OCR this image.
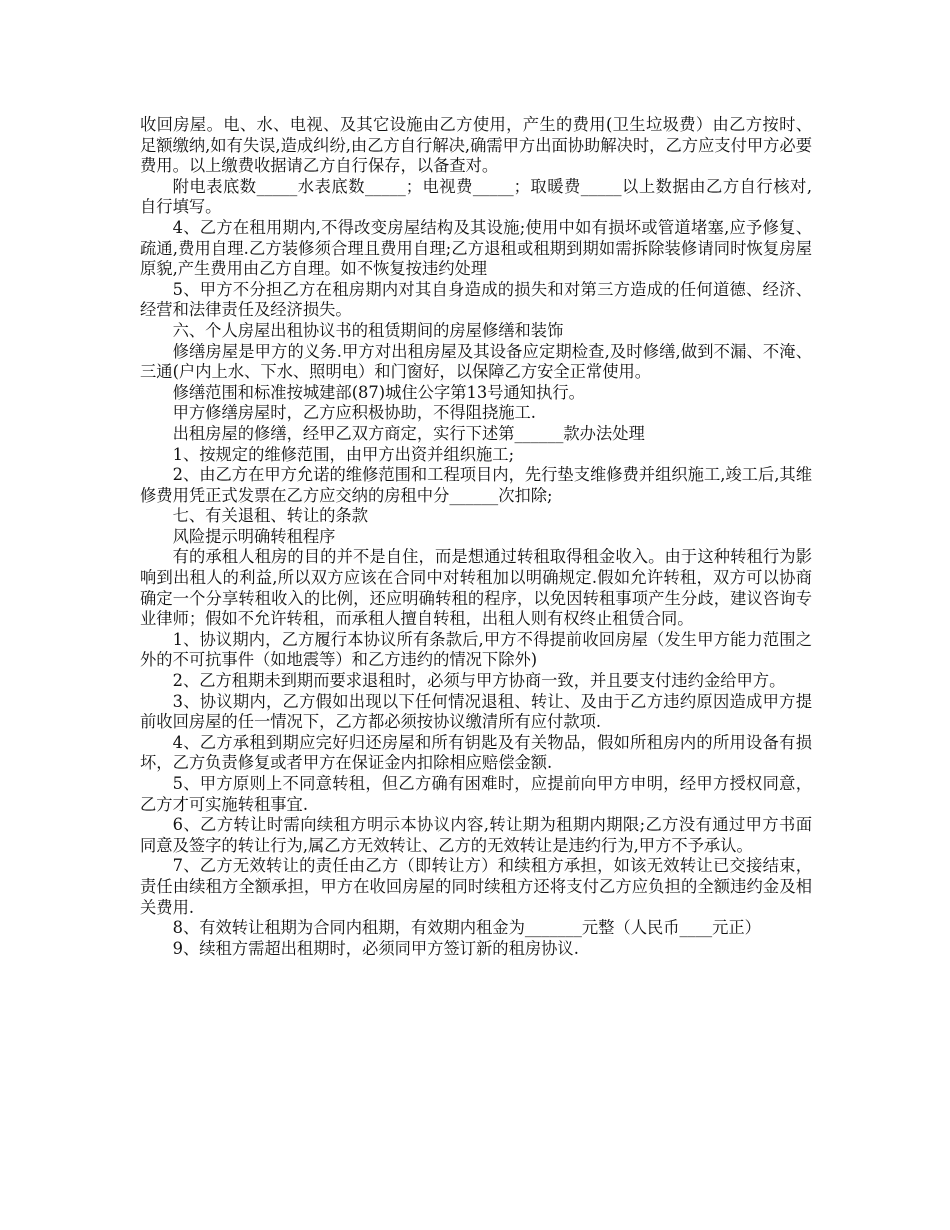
收回房屋。电、水、电视、及其它设施由乙方使用，产生的费用(卫生垃圾费）由乙方按时、足额缴纳,如有失误,造成纠纷,由乙方自行解决,确需甲方出面协助解决时，乙方应支付甲方必要费用。以上缴费收据请乙方自行保存，以备查对。

附电表底数_____水表底数_____；电视费_____；取暖费_____以上数据由乙方自行核对,自行填写。

4、乙方在租用期内,不得改变房屋结构及其设施;使用中如有损坏或管道堵塞,应予修复、疏通,费用自理.乙方装修须合理且费用自理;乙方退租或租期到期如需拆除装修请同时恢复房屋原貌,产生费用由乙方自理。如不恢复按违约处理

5、甲方不分担乙方在租房期内对其自身造成的损失和对第三方造成的任何道德、经济、经营和法律责任及经济损失。

六、个人房屋出租协议书的租赁期间的房屋修缮和装饰

修缮房屋是甲方的义务.甲方对出租房屋及其设备应定期检查,及时修缮,做到不漏、不淹、三通(户内上水、下水、照明电）和门窗好，以保障乙方安全正常使用。

修缮范围和标准按城建部(87)城住公字第13号通知执行。

甲方修缮房屋时，乙方应积极协助，不得阻挠施工.

出租房屋的修缮，经甲乙双方商定，实行下述第______款办法处理

1、按规定的维修范围，由甲方出资并组织施工;

2、由乙方在甲方允诺的维修范围和工程项目内，先行垫支维修费并组织施工,竣工后,其维修费用凭正式发票在乙方应交纳的房租中分______次扣除;

七、有关退租、转让的条款

风险提示明确转租程序

有的承租人租房的目的并不是自住，而是想通过转租取得租金收入。由于这种转租行为影响到出租人的利益,所以双方应该在合同中对转租加以明确规定.假如允许转租，双方可以协商确定一个分享转租收入的比例，还应明确转租的程序，以免因转租事项产生分歧，建议咨询专业律师；假如不允许转租，而承租人擅自转租，出租人则有权终止租赁合同。

1、协议期内，乙方履行本协议所有条款后,甲方不得提前收回房屋（发生甲方能力范围之外的不可抗事件（如地震等）和乙方违约的情况下除外)

2、乙方租期未到期而要求退租时，必须与甲方协商一致，并且要支付违约金给甲方。

3、协议期内，乙方假如出现以下任何情况退租、转让、及由于乙方违约原因造成甲方提前收回房屋的任一情况下，乙方都必须按协议缴清所有应付款项.

4、乙方承租到期应完好归还房屋和所有钥匙及有关物品，假如所租房内的所用设备有损坏，乙方负责修复或者甲方在保证金内扣除相应赔偿金额.

5、甲方原则上不同意转租，但乙方确有困难时，应提前向甲方申明，经甲方授权同意，乙方才可实施转租事宜.

6、乙方转让时需向续租方明示本协议内容,转让期为租期内期限;乙方没有通过甲方书面同意及签字的转让行为,属乙方无效转让、乙方的无效转让是违约行为,甲方不予承认。

7、乙方无效转让的责任由乙方（即转让方）和续租方承担，如该无效转让已交接结束，责任由续租方全额承担，甲方在收回房屋的同时续租方还将支付乙方应负担的全额违约金及相关费用.

8、有效转让租期为合同内租期，有效期内租金为_______元整（人民币____元正）

9、续租方需超出租期时，必须同甲方签订新的租房协议.
